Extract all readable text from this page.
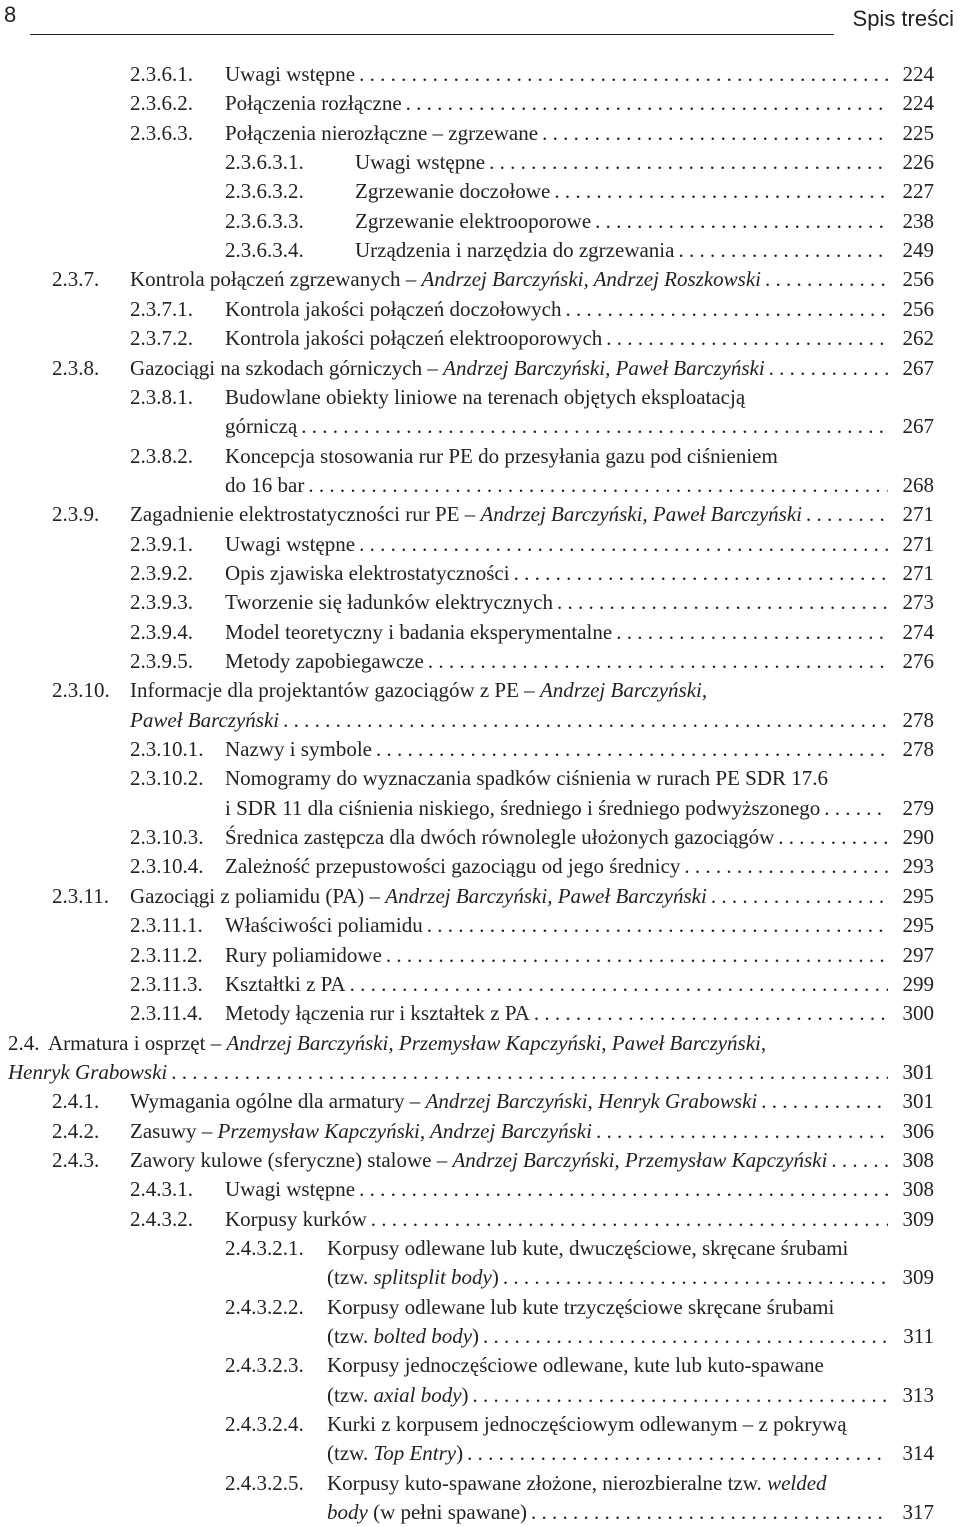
8	Spis treści
2.3.6.1.	Uwagi wstępne . . .	224
2.3.6.2.	Połączenia rozłączne . . .	224
2.3.6.3.	Połączenia nierozłączne – zgrzewane . . .	225
2.3.6.3.1.	Uwagi wstępne . . .	226
2.3.6.3.2.	Zgrzewanie doczołowe . . .	227
2.3.6.3.3.	Zgrzewanie elektrooporowe . . .	238
2.3.6.3.4.	Urządzenia i narzędzia do zgrzewania . . .	249
2.3.7.	Kontrola połączeń zgrzewanych – Andrzej Barczyński, Andrzej Roszkowski . . .	256
2.3.7.1.	Kontrola jakości połączeń doczołowych . . .	256
2.3.7.2.	Kontrola jakości połączeń elektrooporowych . . .	262
2.3.8.	Gazociągi na szkodach górniczych – Andrzej Barczyński, Paweł Barczyński . . .	267
2.3.8.1.	Budowlane obiekty liniowe na terenach objętych eksploatacją
górniczą . . .	267
2.3.8.2.	Koncepcja stosowania rur PE do przesyłania gazu pod ciśnieniem
do 16 bar . . .	268
2.3.9.	Zagadnienie elektrostatyczności rur PE – Andrzej Barczyński, Paweł Barczyński . . .	271
2.3.9.1.	Uwagi wstępne . . .	271
2.3.9.2.	Opis zjawiska elektrostatyczności . . .	271
2.3.9.3.	Tworzenie się ładunków elektrycznych . . .	273
2.3.9.4.	Model teoretyczny i badania eksperymentalne . . .	274
2.3.9.5.	Metody zapobiegawcze . . .	276
2.3.10. Informacje dla projektantów gazociągów z PE – Andrzej Barczyński,
Paweł Barczyński . . .	278
2.3.10.1.	Nazwy i symbole . . .	278
2.3.10.2.	Nomogramy do wyznaczania spadków ciśnienia w rurach PE SDR 17.6
i SDR 11 dla ciśnienia niskiego, średniego i średniego podwyższonego . . .	279
2.3.10.3.	Średnica zastępcza dla dwóch równolegle ułożonych gazociągów . . .	290
2.3.10.4.	Zależność przepustowości gazociągu od jego średnicy . . .	293
2.3.11.	Gazociągi z poliamidu (PA) – Andrzej Barczyński, Paweł Barczyński . . .	295
2.3.11.1.	Właściwości poliamidu . . .	295
2.3.11.2.	Rury poliamidowe . . .	297
2.3.11.3.	Kształtki z PA . . .	299
2.3.11.4.	Metody łączenia rur i kształtek z PA . . .	300
2.4. Armatura i osprzęt – Andrzej Barczyński, Przemysław Kapczyński, Paweł Barczyński,
Henryk Grabowski . . .	301
2.4.1.	Wymagania ogólne dla armatury – Andrzej Barczyński, Henryk Grabowski . . .	301
2.4.2.	Zasuwy – Przemysław Kapczyński, Andrzej Barczyński . . .	306
2.4.3.	Zawory kulowe (sferyczne) stalowe – Andrzej Barczyński, Przemysław Kapczyński . . .	308
2.4.3.1.	Uwagi wstępne . . .	308
2.4.3.2.	Korpusy kurków . . .	309
2.4.3.2.1.	Korpusy odlewane lub kute, dwuczęściowe, skręcane śrubami
(tzw. splitsplit body) . . .	309
2.4.3.2.2.	Korpusy odlewane lub kute trzyczęściowe skręcane śrubami
(tzw. bolted body) . . .	311
2.4.3.2.3.	Korpusy jednoczęściowe odlewane, kute lub kuto-spawane
(tzw. axial body) . . .	313
2.4.3.2.4.	Kurki z korpusem jednoczęściowym odlewanym – z pokrywą
(tzw. Top Entry) . . .	314
2.4.3.2.5.	Korpusy kuto-spawane złożone, nierozbieralne tzw. welded
body (w pełni spawane) . . .	317
